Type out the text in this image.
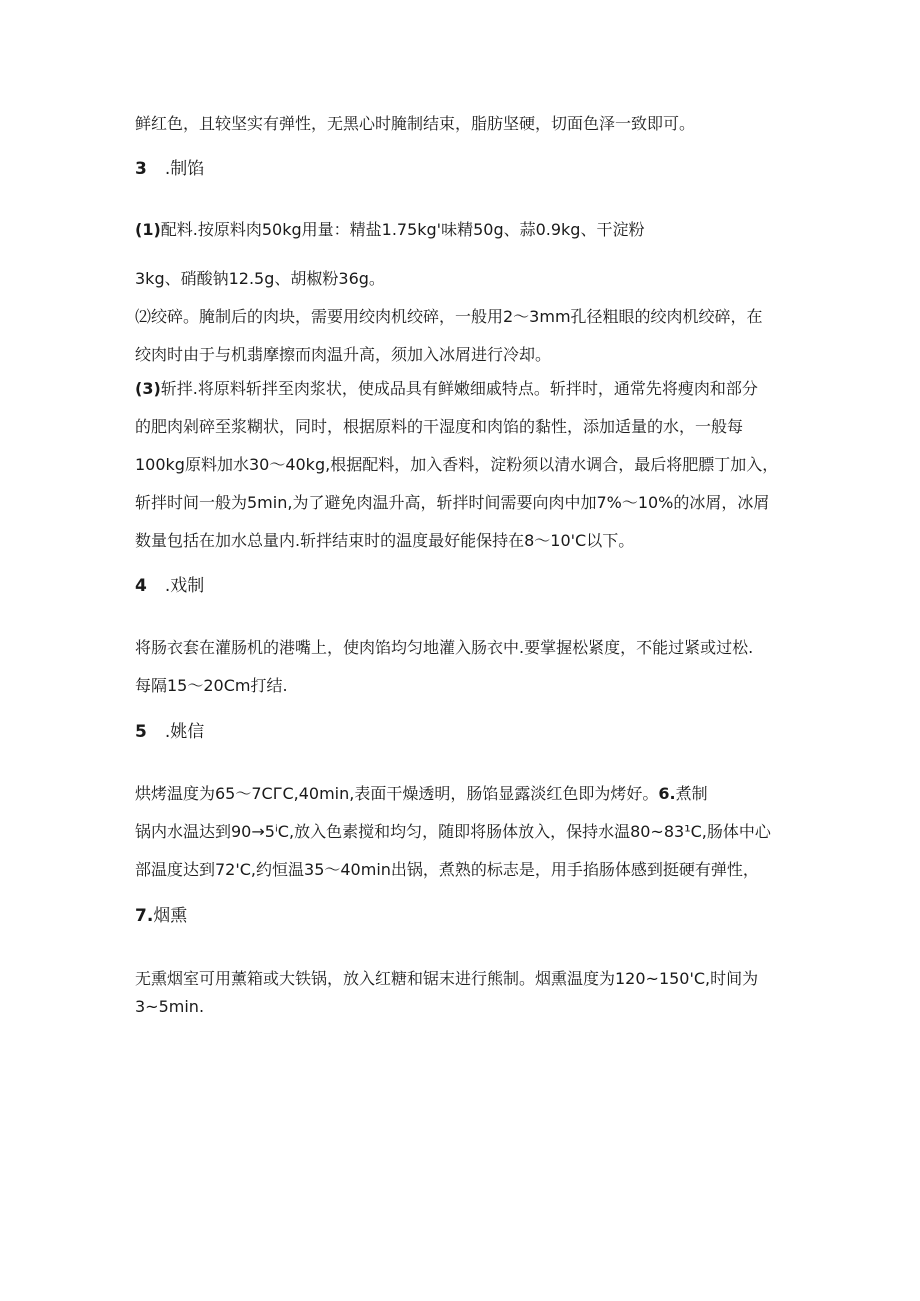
鲜红色，且较坚实有弹性，无黑心时腌制结束，脂肪坚硬，切面色泽一致即可。
3 .制馅
(1)配料.按原料肉50kg用量：精盐1.75kg'味精50g、蒜0.9kg、干淀粉
3kg、硝酸钠12.5g、胡椒粉36g。
⑵绞碎。腌制后的肉块，需要用绞肉机绞碎，一般用2〜3mm孔径粗眼的绞肉机绞碎，在
绞肉时由于与机翡摩擦而肉温升高，须加入冰屑进行冷却。
(3)斩拌.将原料斩拌至肉浆状，使成品具有鲜嫩细戚特点。斩拌时，通常先将瘦肉和部分
的肥肉剁碎至浆糊状，同时，根据原料的干湿度和肉馅的黏性，添加适量的水，一般每
100kg原料加水30〜40kg,根据配料，加入香料，淀粉须以清水调合，最后将肥膘丁加入，
斩拌时间一般为5min,为了避免肉温升高，斩拌时间需要向肉中加7%〜10%的冰屑，冰屑
数量包括在加水总量内.斩拌结束时的温度最好能保持在8〜10'C以下。
4 .戏制
将肠衣套在灌肠机的港嘴上，使肉馅均匀地灌入肠衣中.要掌握松紧度，不能过紧或过松.
每隔15〜20Cm打结.
5 .姚信
烘烤温度为65〜7CГC,40min,表面干燥透明，肠馅显露淡红色即为烤好。6.煮制
锅内水温达到90→5ⁱC,放入色素搅和均匀，随即将肠体放入，保持水温80~83¹C,肠体中心
部温度达到72'C,约恒温35〜40min出锅，煮熟的标志是，用手掐肠体感到挺硬有弹性，
7.烟熏
无熏烟室可用薰箱或大铁锅，放入红糖和锯末进行熊制。烟熏温度为120~150'C,时间为
3~5min.
